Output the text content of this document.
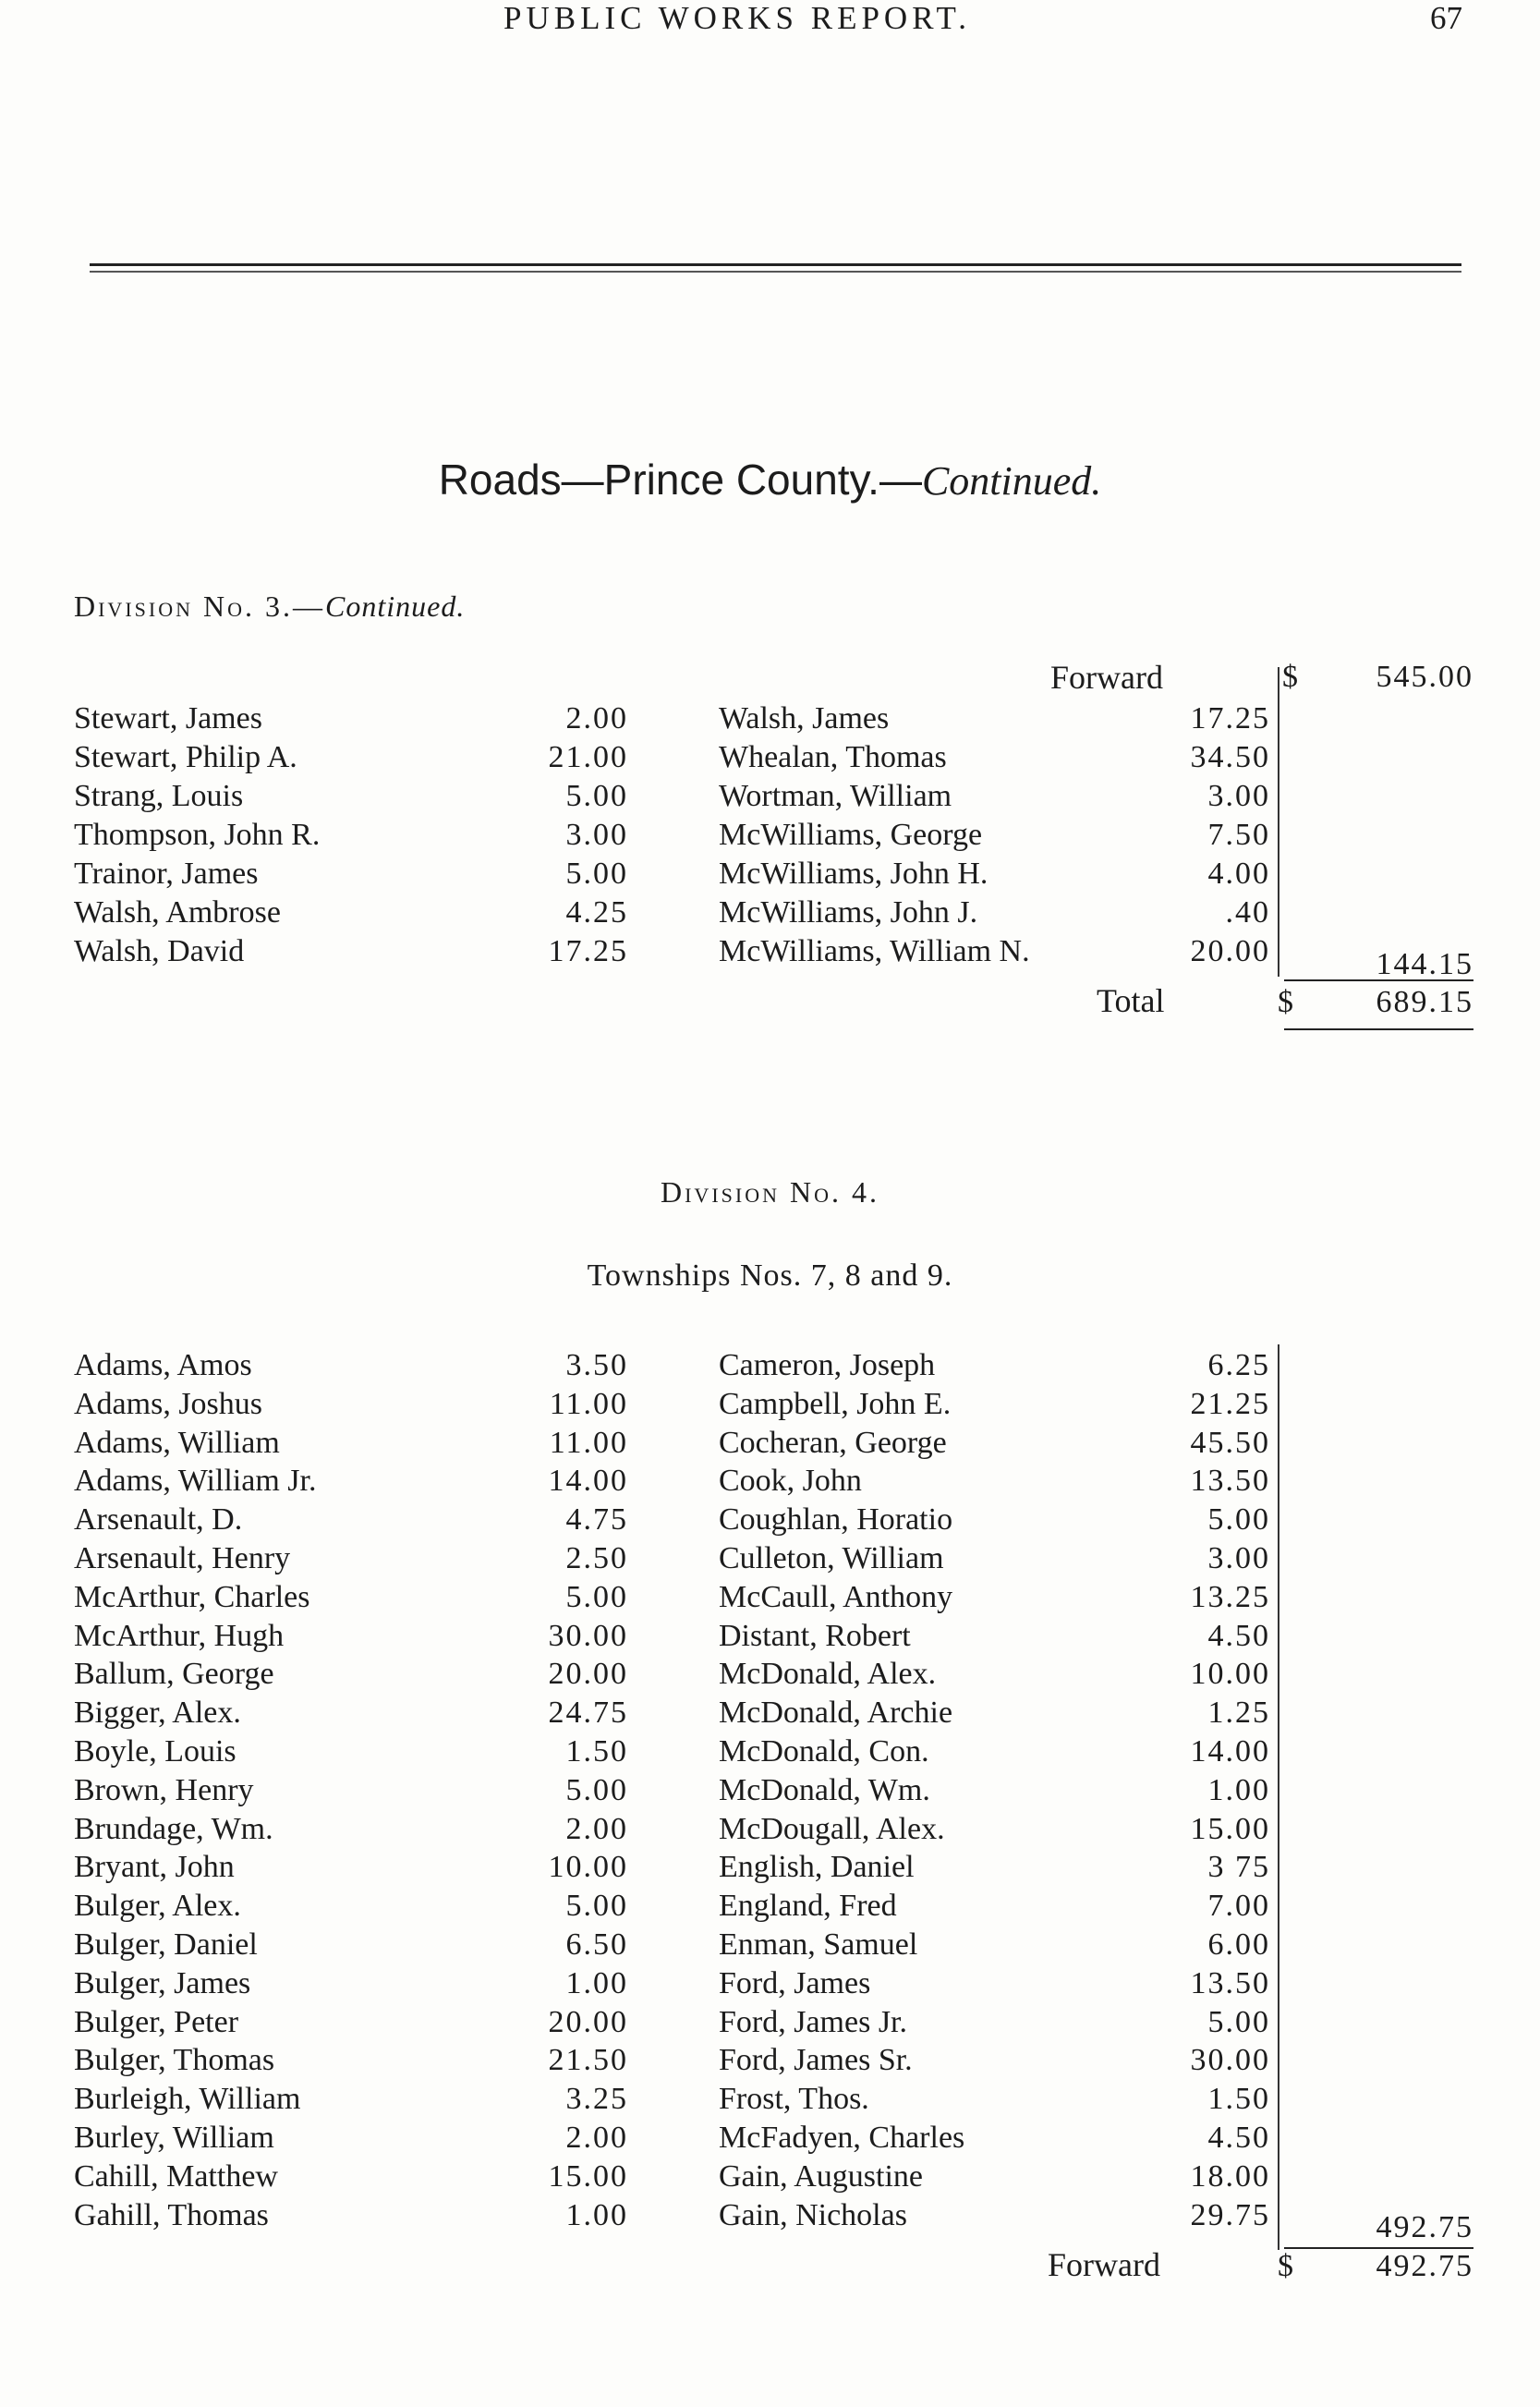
PUBLIC WORKS REPORT.	67
Roads—Prince County.—Continued.
Division No. 3.—Continued.
Forward	$	545.00
Stewart, James	2.00	Walsh, James	17.25
Stewart, Philip A.	21.00	Whealan, Thomas	34.50
Strang, Louis	5.00	Wortman, William	3.00
Thompson, John R.	3.00	McWilliams, George	7.50
Trainor, James	5.00	McWilliams, John H.	4.00
Walsh, Ambrose	4.25	McWilliams, John J.	.40
Walsh, David	17.25	McWilliams, William N.	20.00	144.15
Total	$	689.15
Division No. 4.
Townships Nos. 7, 8 and 9.
Adams, Amos	3.50	Cameron, Joseph	6.25
Adams, Joshus	11.00	Campbell, John E.	21.25
Adams, William	11.00	Cocheran, George	45.50
Adams, William Jr.	14.00	Cook, John	13.50
Arsenault, D.	4.75	Coughlan, Horatio	5.00
Arsenault, Henry	2.50	Culleton, William	3.00
McArthur, Charles	5.00	McCaull, Anthony	13.25
McArthur, Hugh	30.00	Distant, Robert	4.50
Ballum, George	20.00	McDonald, Alex.	10.00
Bigger, Alex.	24.75	McDonald, Archie	1.25
Boyle, Louis	1.50	McDonald, Con.	14.00
Brown, Henry	5.00	McDonald, Wm.	1.00
Brundage, Wm.	2.00	McDougall, Alex.	15.00
Bryant, John	10.00	English, Daniel	3 75
Bulger, Alex.	5.00	England, Fred	7.00
Bulger, Daniel	6.50	Enman, Samuel	6.00
Bulger, James	1.00	Ford, James	13.50
Bulger, Peter	20.00	Ford, James Jr.	5.00
Bulger, Thomas	21.50	Ford, James Sr.	30.00
Burleigh, William	3.25	Frost, Thos.	1.50
Burley, William	2.00	McFadyen, Charles	4.50
Cahill, Matthew	15.00	Gain, Augustine	18.00
Gahill, Thomas	1.00	Gain, Nicholas	29.75	492.75
Forward	$	492.75
